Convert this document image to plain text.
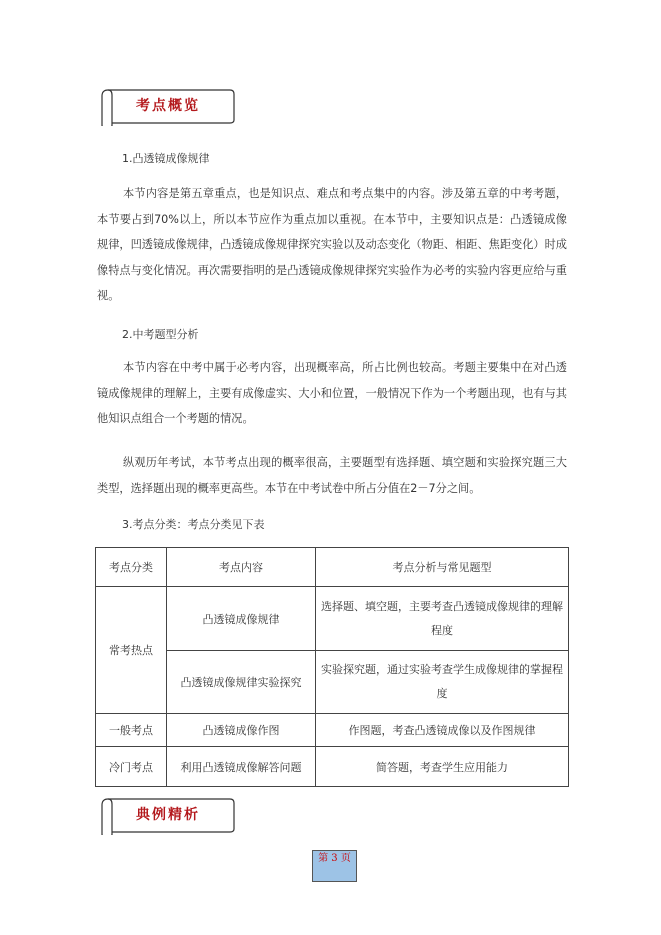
考点概览
1.凸透镜成像规律
本节内容是第五章重点，也是知识点、难点和考点集中的内容。涉及第五章的中考考题，本节要占到70%以上，所以本节应作为重点加以重视。在本节中，主要知识点是：凸透镜成像规律，凹透镜成像规律，凸透镜成像规律探究实验以及动态变化（物距、相距、焦距变化）时成像特点与变化情况。再次需要指明的是凸透镜成像规律探究实验作为必考的实验内容更应给与重视。
2.中考题型分析
本节内容在中考中属于必考内容，出现概率高，所占比例也较高。考题主要集中在对凸透镜成像规律的理解上，主要有成像虚实、大小和位置，一般情况下作为一个考题出现，也有与其他知识点组合一个考题的情况。
纵观历年考试，本节考点出现的概率很高，主要题型有选择题、填空题和实验探究题三大类型，选择题出现的概率更高些。本节在中考试卷中所占分值在2－7分之间。
3.考点分类：考点分类见下表
考点分类	考点内容	考点分析与常见题型
常考热点	凸透镜成像规律	选择题、填空题，主要考查凸透镜成像规律的理解程度
	凸透镜成像规律实验探究	实验探究题，通过实验考查学生成像规律的掌握程度
一般考点	凸透镜成像作图	作图题，考查凸透镜成像以及作图规律
冷门考点	利用凸透镜成像解答问题	简答题，考查学生应用能力
典例精析
第 3 页
